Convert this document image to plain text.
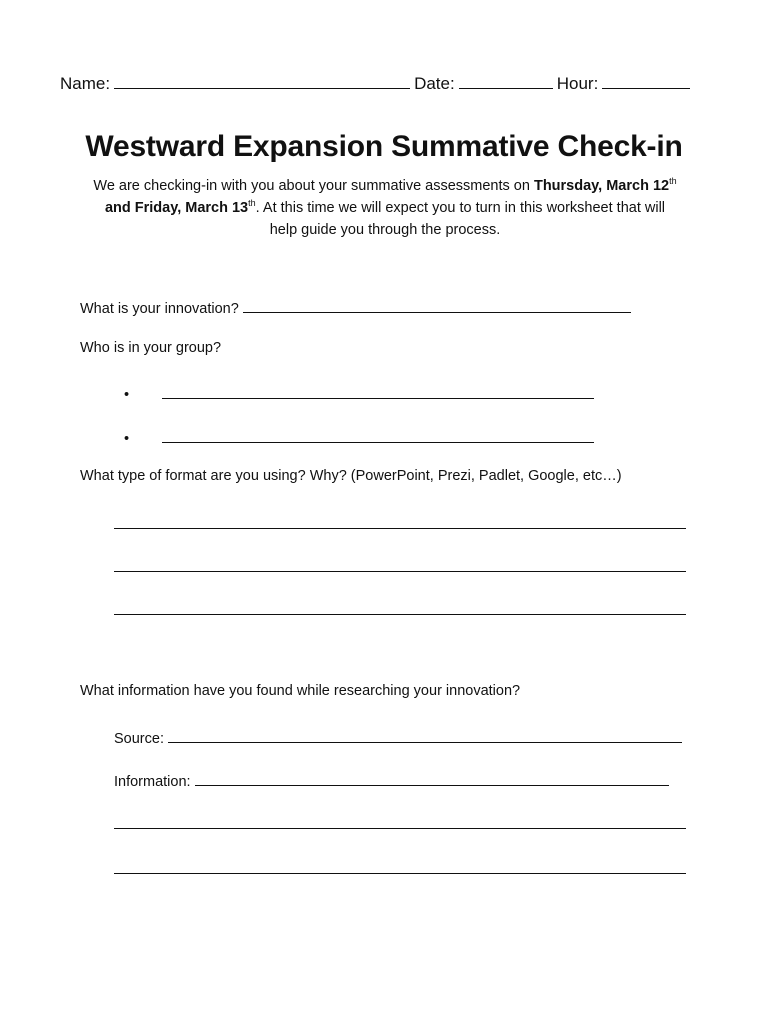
Name:	Date:	Hour:
Westward Expansion Summative Check-in
We are checking-in with you about your summative assessments on Thursday, March 12th and Friday, March 13th. At this time we will expect you to turn in this worksheet that will help guide you through the process.
What is your innovation?
Who is in your group?
•
•
What type of format are you using? Why? (PowerPoint, Prezi, Padlet, Google, etc…)
What information have you found while researching your innovation?
Source:
Information:
